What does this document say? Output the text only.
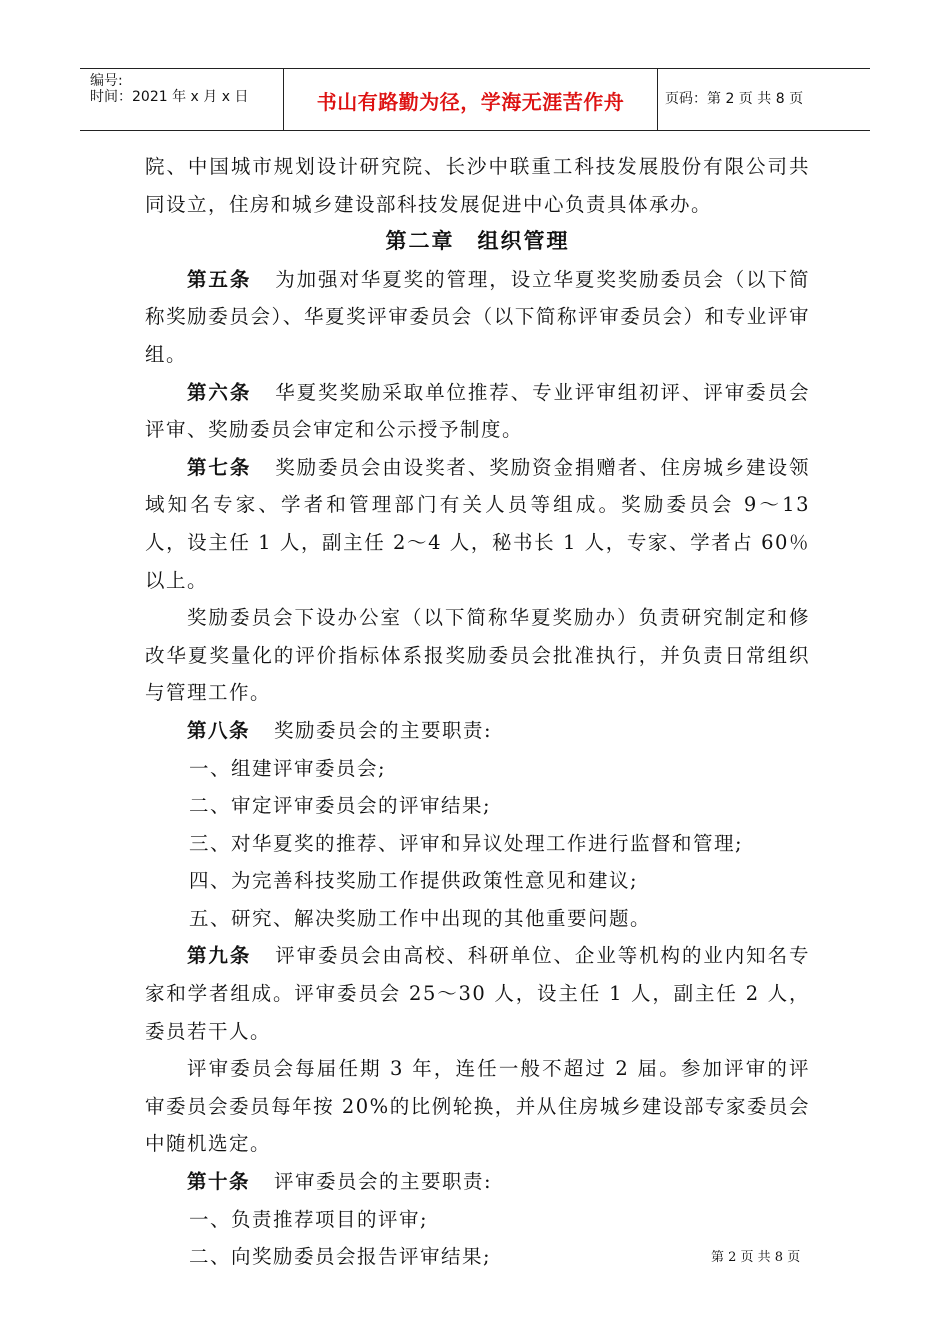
编号:
时间：2021 年 x 月 x 日	书山有路勤为径，学海无涯苦作舟	页码：第 2 页 共 8 页

院、中国城市规划设计研究院、长沙中联重工科技发展股份有限公司共同设立，住房和城乡建设部科技发展促进中心负责具体承办。

第二章　组织管理

第五条 为加强对华夏奖的管理，设立华夏奖奖励委员会（以下简称奖励委员会）、华夏奖评审委员会（以下简称评审委员会）和专业评审组。

第六条 华夏奖奖励采取单位推荐、专业评审组初评、评审委员会评审、奖励委员会审定和公示授予制度。

第七条 奖励委员会由设奖者、奖励资金捐赠者、住房城乡建设领域知名专家、学者和管理部门有关人员等组成。奖励委员会 9～13 人，设主任 1 人，副主任 2～4 人，秘书长 1 人，专家、学者占 60％以上。

奖励委员会下设办公室（以下简称华夏奖励办）负责研究制定和修改华夏奖量化的评价指标体系报奖励委员会批准执行，并负责日常组织与管理工作。

第八条 奖励委员会的主要职责:

一、组建评审委员会;

二、审定评审委员会的评审结果;

三、对华夏奖的推荐、评审和异议处理工作进行监督和管理;

四、为完善科技奖励工作提供政策性意见和建议;

五、研究、解决奖励工作中出现的其他重要问题。

第九条 评审委员会由高校、科研单位、企业等机构的业内知名专家和学者组成。评审委员会 25～30 人，设主任 1 人，副主任 2 人，委员若干人。

评审委员会每届任期 3 年，连任一般不超过 2 届。参加评审的评审委员会委员每年按 20%的比例轮换，并从住房城乡建设部专家委员会中随机选定。

第十条 评审委员会的主要职责:

一、负责推荐项目的评审;

二、向奖励委员会报告评审结果;	第 2 页 共 8 页
